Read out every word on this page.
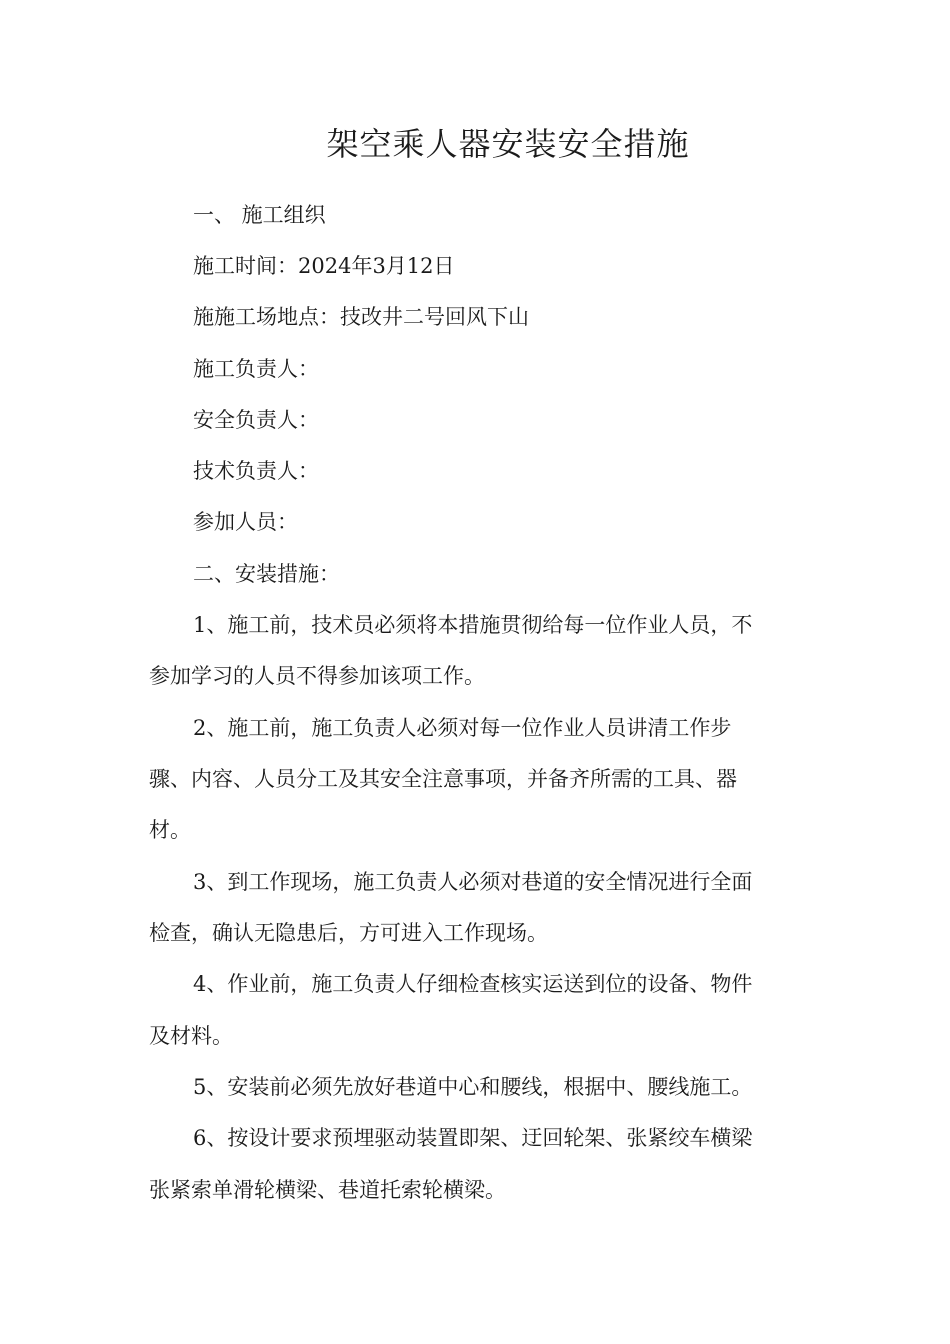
架空乘人器安装安全措施
一、 施工组织
施工时间：2024年3月12日
施施工场地点：技改井二号回风下山
施工负责人：
安全负责人：
技术负责人：
参加人员：
二、安装措施：
1、施工前，技术员必须将本措施贯彻给每一位作业人员，不
参加学习的人员不得参加该项工作。
2、施工前，施工负责人必须对每一位作业人员讲清工作步
骤、内容、人员分工及其安全注意事项，并备齐所需的工具、器
材。
3、到工作现场，施工负责人必须对巷道的安全情况进行全面
检查，确认无隐患后，方可进入工作现场。
4、作业前，施工负责人仔细检查核实运送到位的设备、物件
及材料。
5、安装前必须先放好巷道中心和腰线，根据中、腰线施工。
6、按设计要求预埋驱动装置即架、迂回轮架、张紧绞车横梁
张紧索单滑轮横梁、巷道托索轮横梁。
